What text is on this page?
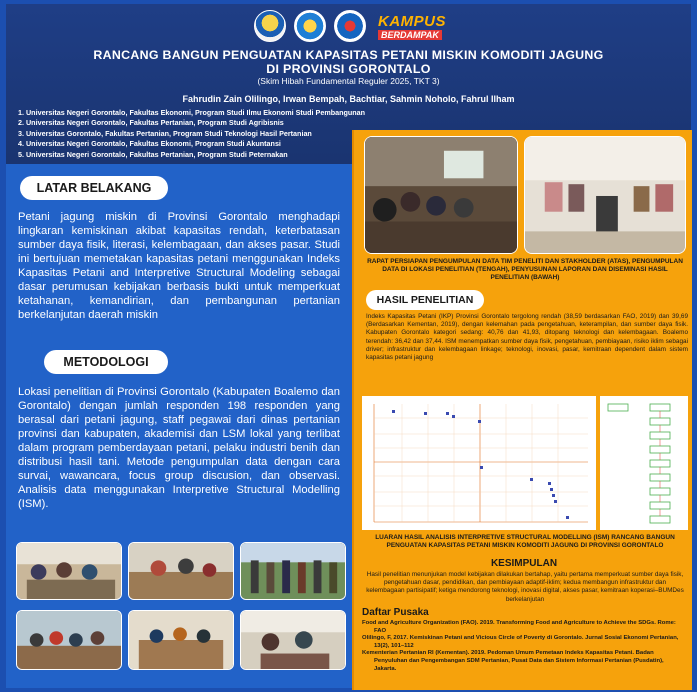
KAMPUS
BERDAMPAK
RANCANG BANGUN PENGUATAN KAPASITAS PETANI MISKIN KOMODITI JAGUNG
DI PROVINSI GORONTALO
(Skim Hibah Fundamental Reguler 2025, TKT 3)
Fahrudin Zain Olilingo, Irwan Bempah, Bachtiar, Sahmin Noholo, Fahrul Ilham
1. Universitas Negeri Gorontalo, Fakultas Ekonomi, Program Studi Ilmu Ekonomi Studi Pembangunan
2. Universitas Negeri Gorontalo, Fakultas Pertanian, Program Studi Agribisnis
3. Universitas Gorontalo, Fakultas Pertanian, Program Studi Teknologi Hasil Pertanian
4. Universitas Negeri Gorontalo, Fakultas Ekonomi, Program Studi Akuntansi
5. Universitas Negeri Gorontalo, Fakultas Pertanian, Program Studi Peternakan
LATAR BELAKANG
Petani jagung miskin di Provinsi Gorontalo menghadapi lingkaran kemiskinan akibat kapasitas rendah, keterbatasan sumber daya fisik, literasi, kelembagaan, dan akses pasar. Studi ini bertujuan memetakan kapasitas petani menggunakan Indeks Kapasitas Petani and Interpretive Structural Modeling sebagai dasar perumusan kebijakan berbasis bukti untuk memperkuat ketahanan, kemandirian, dan pembangunan pertanian berkelanjutan daerah miskin
METODOLOGI
Lokasi penelitian di Provinsi Gorontalo (Kabupaten Boalemo dan Gorontalo) dengan jumlah responden 198 responden yang berasal dari petani jagung, staff pegawai dari dinas pertanian provinsi dan kabupaten, akademisi dan LSM lokal yang terlibat dalam program pemberdayaan petani, pelaku industri benih dan distribusi hasil tani. Metode pengumpulan data dengan cara survai, wawancara, focus group discusion, dan observasi. Analisis data menggunakan Interpretive Structural Modelling (ISM).
RAPAT PERSIAPAN PENGUMPULAN DATA TIM PENELITI DAN STAKHOLDER (ATAS), PENGUMPULAN DATA DI LOKASI PENELITIAN (TENGAH), PENYUSUNAN LAPORAN DAN DISEMINASI HASIL PENELITIAN (BAWAH)
HASIL PENELITIAN
Indeks Kapasitas Petani (IKP) Provinsi Gorontalo tergolong rendah (38,59 berdasarkan FAO, 2019) dan 39,69 (Berdasarkan Kementan, 2019), dengan kelemahan pada pengetahuan, keterampilan, dan sumber daya fisik. Kabupaten Gorontalo kategori sedang: 40,76 dan 41,93, ditopang teknologi dan kelembagaan. Boalemo terendah: 36,42 dan 37,44. ISM menempatkan sumber daya fisik, pengetahuan, pembiayaan, risiko iklim sebagai driver; infrastruktur dan kelembagaan linkage; teknologi, inovasi, pasar, kemitraan dependent dalam sistem kapasitas petani jagung
LUARAN HASIL ANALISIS INTERPRETIVE STRUCTURAL MODELLING (ISM) RANCANG BANGUN PENGUATAN KAPASITAS PETANI MISKIN KOMODITI JAGUNG DI PROVINSI GORONTALO
KESIMPULAN
Hasil penelitian menunjukan model kebijakan dilakukan bertahap, yaitu pertama memperkuat sumber daya fisik, pengetahuan dasar, pendidikan, dan pembiayaan adaptif-iklim; kedua membangun infrastruktur dan kelembagaan partisipatif; ketiga mendorong teknologi, inovasi digital, akses pasar, kemitraan koperasi–BUMDes berkelanjutan
Daftar Pusaka
Food and Agriculture Organization (FAO). 2019. Transforming Food and Agriculture to Achieve the SDGs. Rome: FAO
Olilingo, F, 2017. Kemiskinan Petani and Vicious Circle of Poverty di Gorontalo. Jurnal Sosial Ekonomi Pertanian, 13(2), 101–112
Kementerian Pertanian RI (Kementan). 2019. Pedoman Umum Pemetaan Indeks Kapasitas Petani. Badan Penyuluhan dan Pengembangan SDM Pertanian, Pusat Data dan Sistem Informasi Pertanian (Pusdatin), Jakarta.
